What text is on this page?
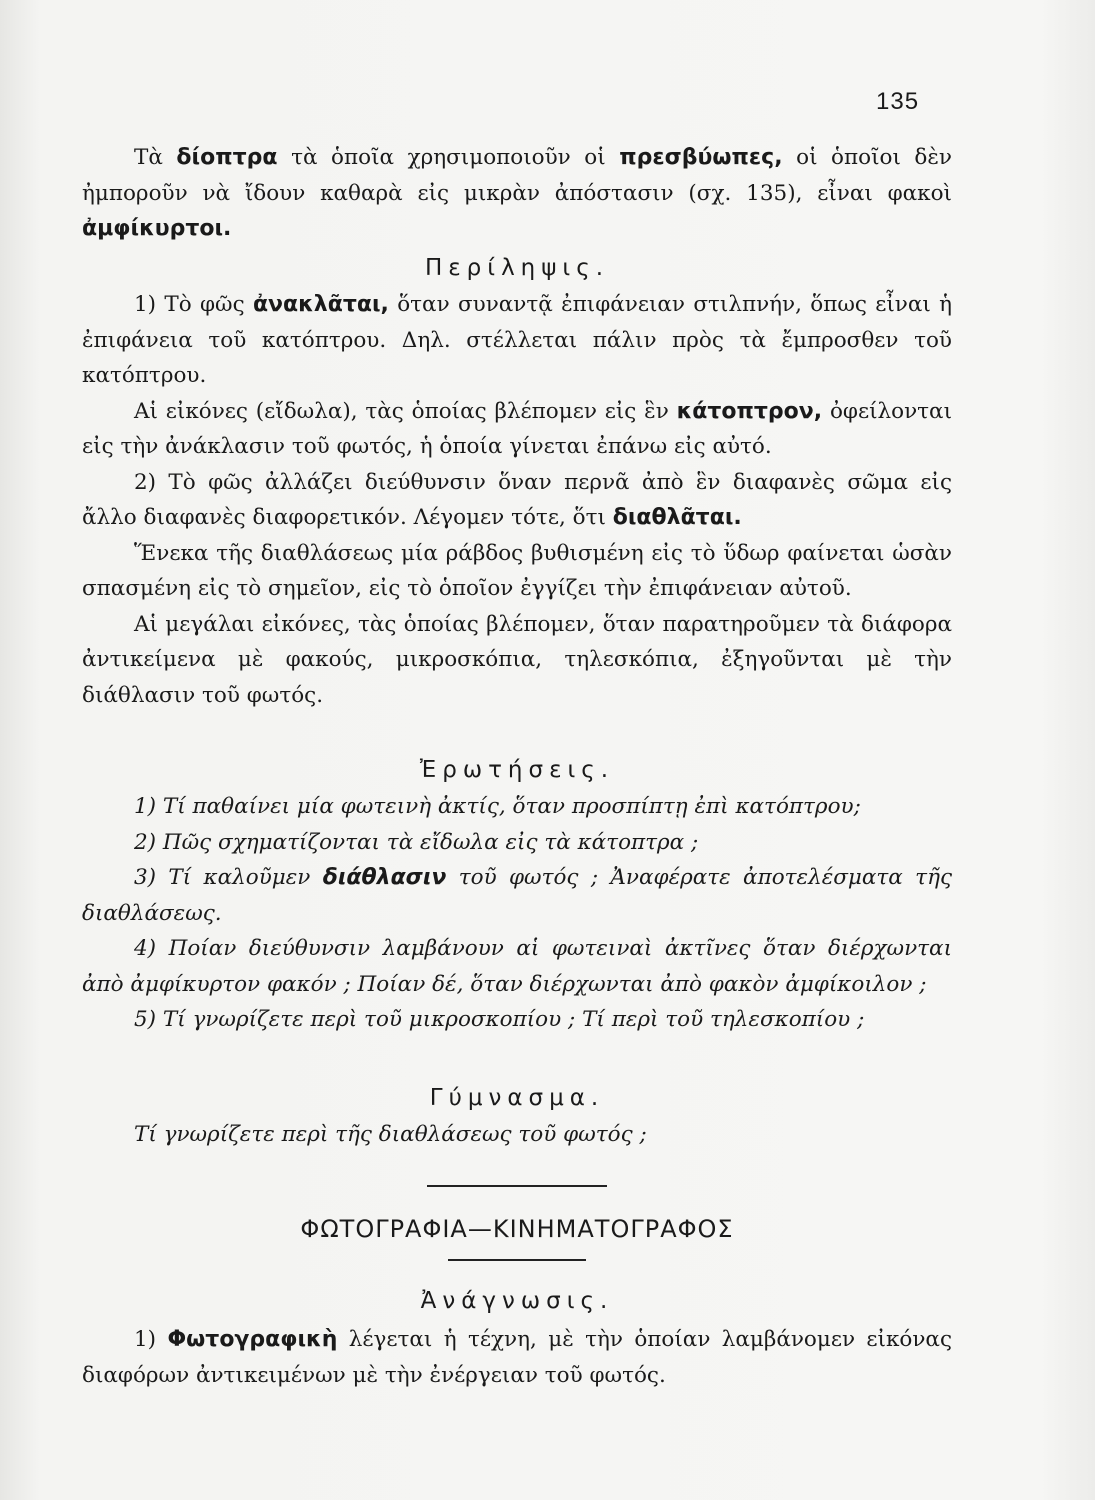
135

Τὰ δίοπτρα τὰ ὁποῖα χρησιμοποιοῦν οἱ πρεσβύωπες, οἱ ὁποῖοι δὲν ἠμποροῦν νὰ ἴδουν καθαρὰ εἰς μικρὰν ἀπόστασιν (σχ. 135), εἶναι φακοὶ ἀμφίκυρτοι.

Περίληψις.

1) Τὸ φῶς ἀνακλᾶται, ὅταν συναντᾷ ἐπιφάνειαν στιλπνήν, ὅπως εἶναι ἡ ἐπιφάνεια τοῦ κατόπτρου. Δηλ. στέλλεται πάλιν πρὸς τὰ ἔμπροσθεν τοῦ κατόπτρου.

Αἱ εἰκόνες (εἴδωλα), τὰς ὁποίας βλέπομεν εἰς ἓν κάτοπτρον, ὀφείλονται εἰς τὴν ἀνάκλασιν τοῦ φωτός, ἡ ὁποία γίνεται ἐπάνω εἰς αὐτό.

2) Τὸ φῶς ἀλλάζει διεύθυνσιν ὅναν περνᾶ ἀπὸ ἓν διαφανὲς σῶμα εἰς ἄλλο διαφανὲς διαφορετικόν. Λέγομεν τότε, ὅτι διαθλᾶται.

Ἕνεκα τῆς διαθλάσεως μία ράβδος βυθισμένη εἰς τὸ ὕδωρ φαίνεται ὡσὰν σπασμένη εἰς τὸ σημεῖον, εἰς τὸ ὁποῖον ἐγγίζει τὴν ἐπιφάνειαν αὐτοῦ.

Αἱ μεγάλαι εἰκόνες, τὰς ὁποίας βλέπομεν, ὅταν παρατηροῦμεν τὰ διάφορα ἀντικείμενα μὲ φακούς, μικροσκόπια, τηλεσκόπια, ἐξηγοῦνται μὲ τὴν διάθλασιν τοῦ φωτός.

Ἐρωτήσεις.

1) Τί παθαίνει μία φωτεινὴ ἀκτίς, ὅταν προσπίπτῃ ἐπὶ κατόπτρου;

2) Πῶς σχηματίζονται τὰ εἴδωλα εἰς τὰ κάτοπτρα ;

3) Τί καλοῦμεν διάθλασιν τοῦ φωτός ; Ἀναφέρατε ἀποτελέσματα τῆς διαθλάσεως.

4) Ποίαν διεύθυνσιν λαμβάνουν αἱ φωτειναὶ ἀκτῖνες ὅταν διέρχωνται ἀπὸ ἀμφίκυρτον φακόν ; Ποίαν δέ, ὅταν διέρχωνται ἀπὸ φακὸν ἀμφίκοιλον ;

5) Τί γνωρίζετε περὶ τοῦ μικροσκοπίου ; Τί περὶ τοῦ τηλεσκοπίου ;

Γύμνασμα.

Τί γνωρίζετε περὶ τῆς διαθλάσεως τοῦ φωτός ;

ΦΩΤΟΓΡΑΦΙΑ—ΚΙΝΗΜΑΤΟΓΡΑΦΟΣ

Ἀνάγνωσις.

1) Φωτογραφικὴ λέγεται ἡ τέχνη, μὲ τὴν ὁποίαν λαμβάνομεν εἰκόνας διαφόρων ἀντικειμένων μὲ τὴν ἐνέργειαν τοῦ φωτός.
